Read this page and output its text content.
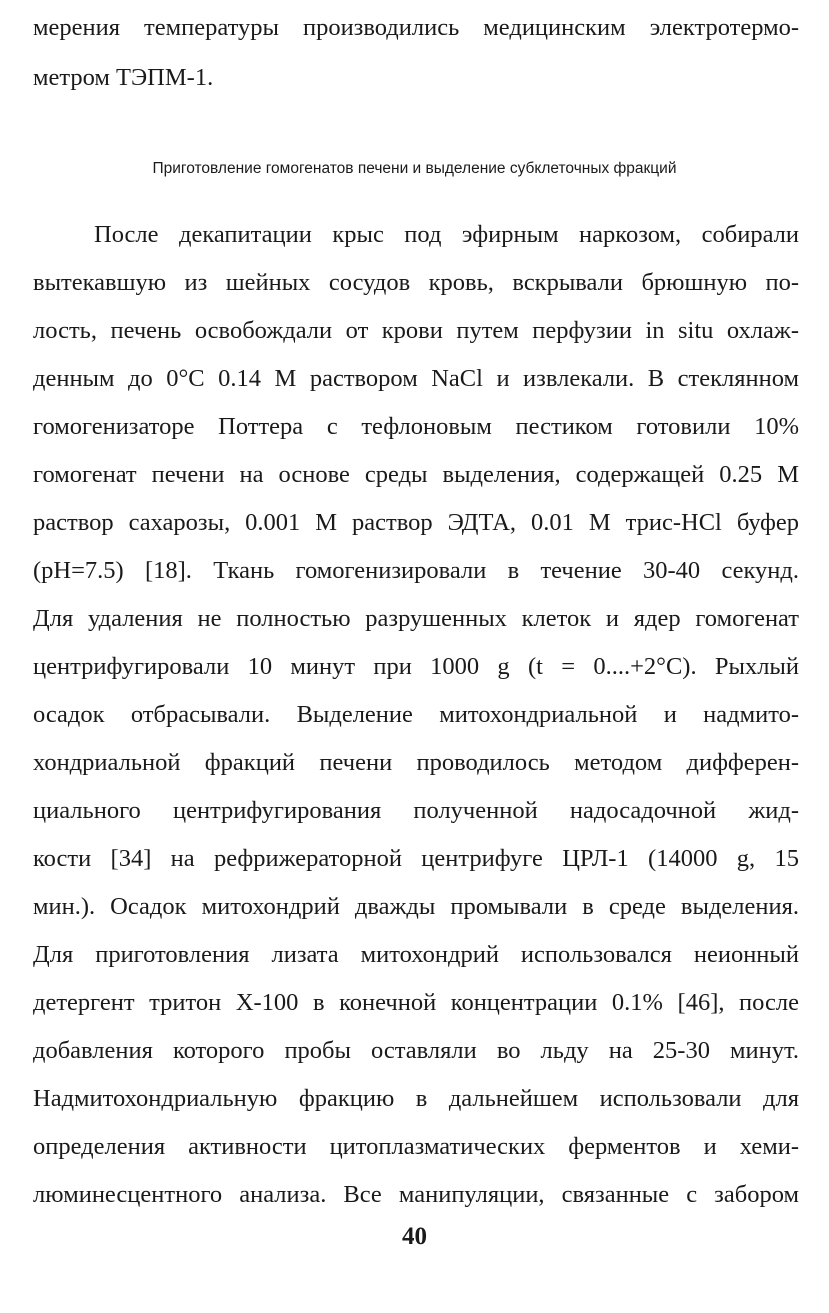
мерения температуры производились медицинским электротермо-
метром ТЭПМ-1.
Приготовление гомогенатов печени и выделение субклеточных фракций
После декапитации крыс под эфирным наркозом, собирали
вытекавшую из шейных сосудов кровь, вскрывали брюшную по-
лость, печень освобождали от крови путем перфузии in situ охлаж-
денным до 0°С 0.14 М раствором NaCl и извлекали. В стеклянном
гомогенизаторе Поттера с тефлоновым пестиком готовили 10%
гомогенат печени на основе среды выделения, содержащей 0.25 М
раствор сахарозы, 0.001 М раствор ЭДТА, 0.01 М трис-HCl буфер
(pH=7.5) [18]. Ткань гомогенизировали в течение 30-40 секунд.
Для удаления не полностью разрушенных клеток и ядер гомогенат
центрифугировали 10 минут при 1000 g (t = 0....+2°С). Рыхлый
осадок отбрасывали. Выделение митохондриальной и надмито-
хондриальной фракций печени проводилось методом дифферен-
циального центрифугирования полученной надосадочной жид-
кости [34] на рефрижераторной центрифуге ЦРЛ-1 (14000 g, 15
мин.). Осадок митохондрий дважды промывали в среде выделения.
Для приготовления лизата митохондрий использовался неионный
детергент тритон Х-100 в конечной концентрации 0.1% [46], после
добавления которого пробы оставляли во льду на 25-30 минут.
Надмитохондриальную фракцию в дальнейшем использовали для
определения активности цитоплазматических ферментов и хеми-
люминесцентного анализа. Все манипуляции, связанные с забором
40
